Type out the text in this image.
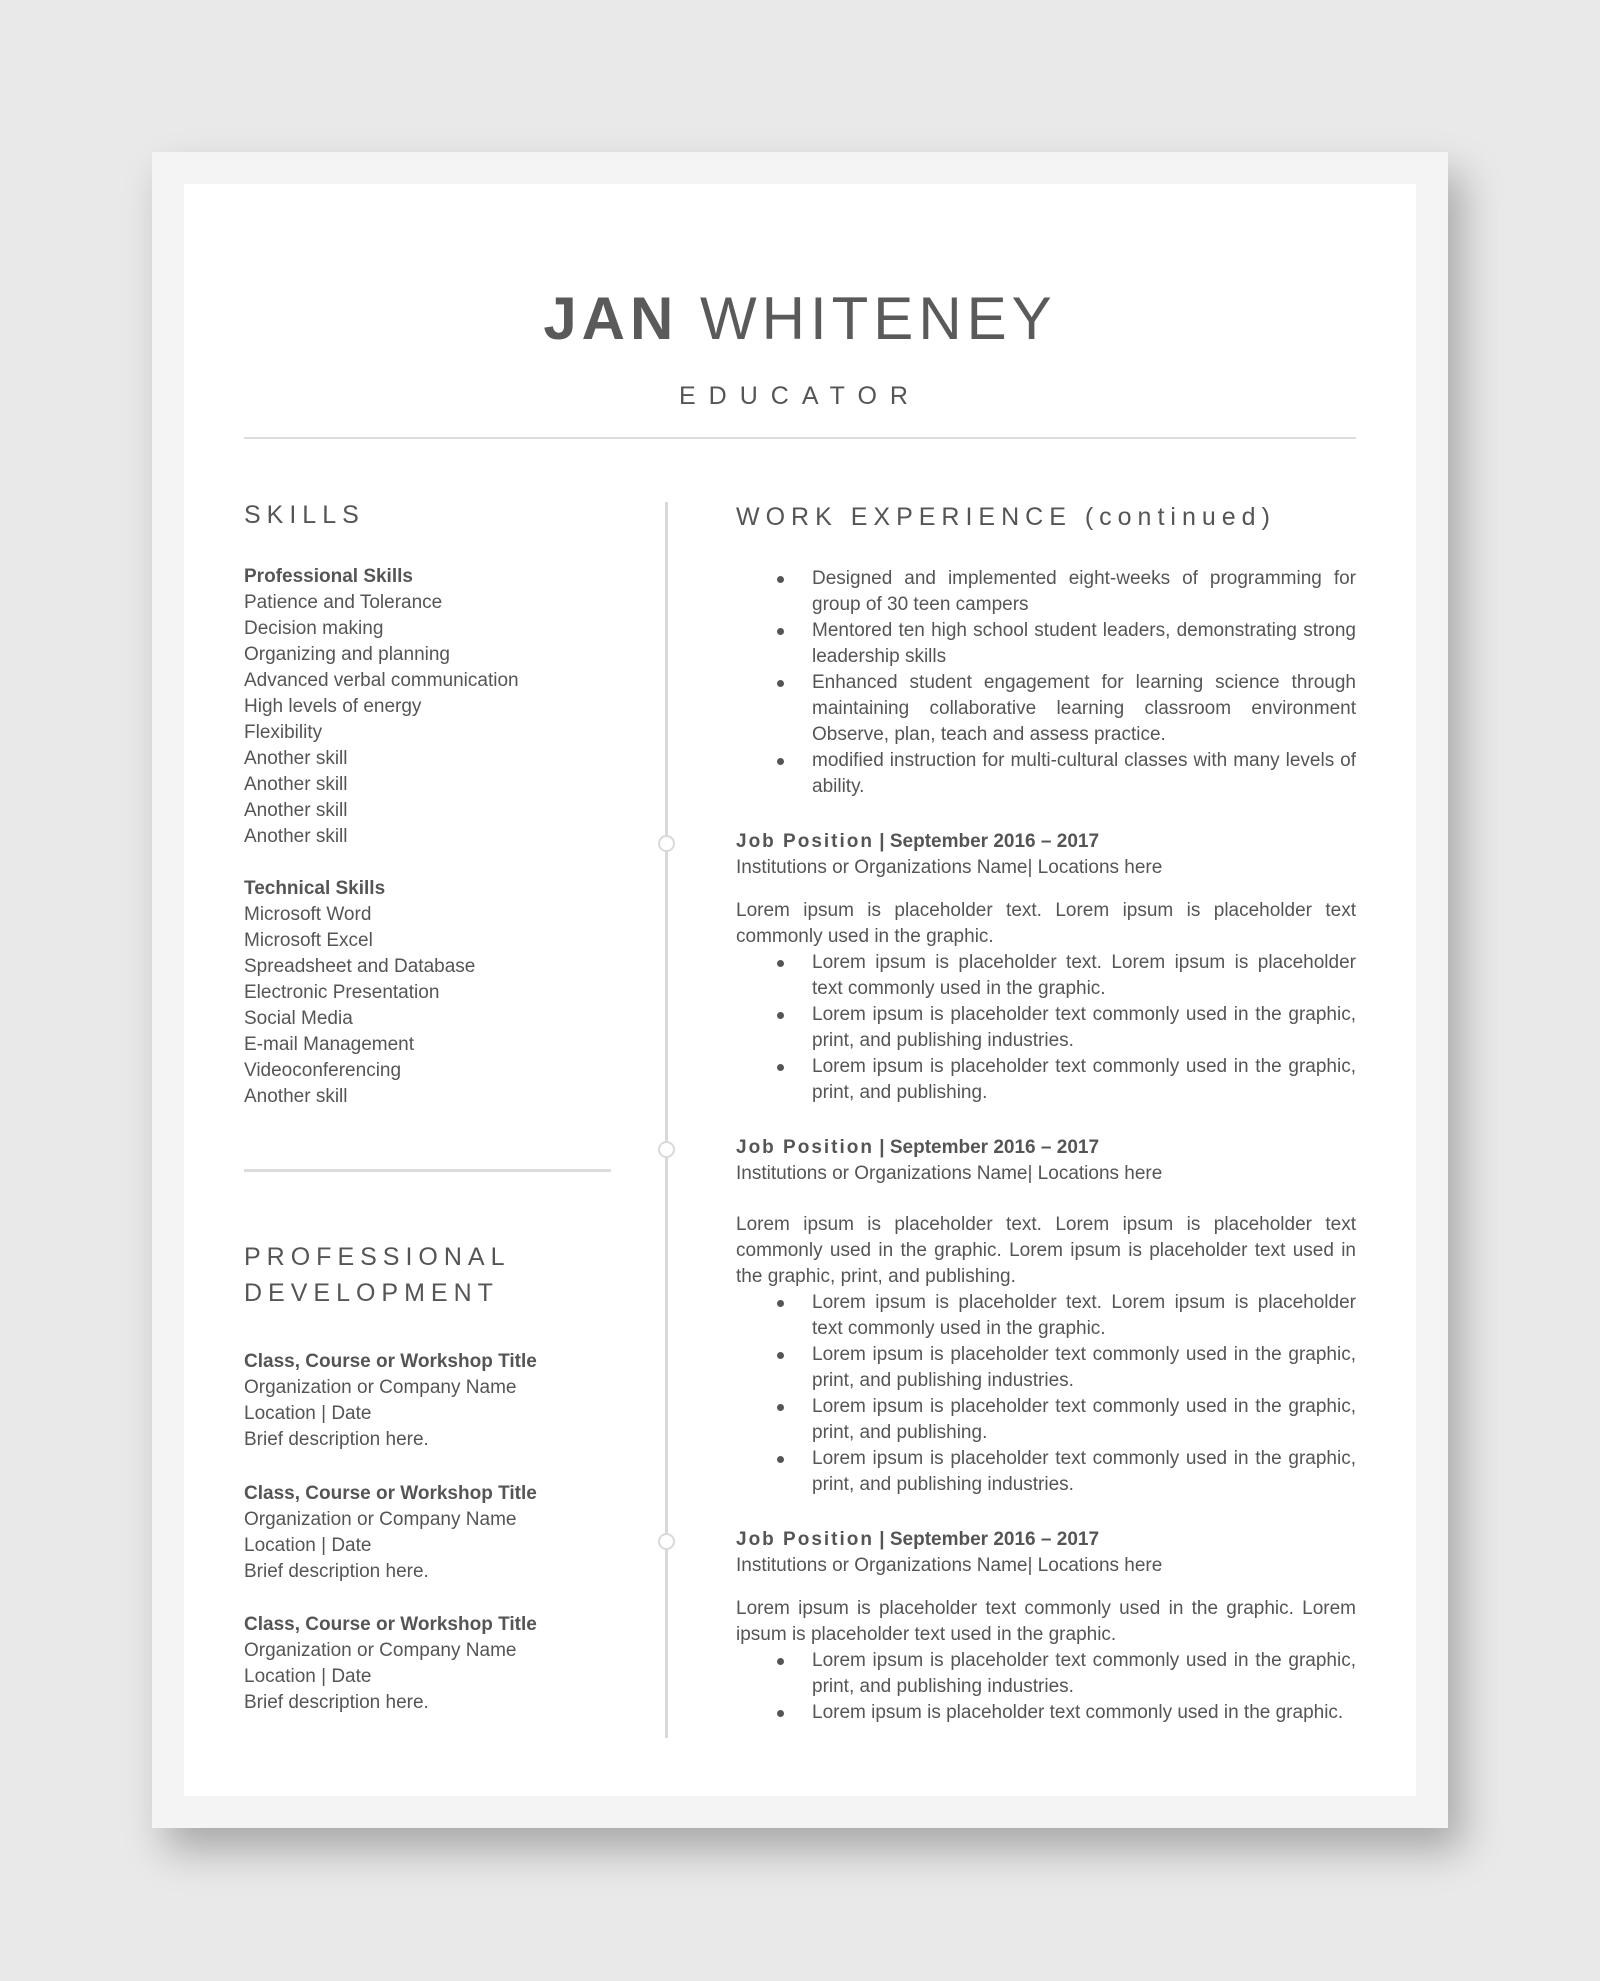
JAN WHITENEY
EDUCATOR
SKILLS
Professional Skills
Patience and Tolerance
Decision making
Organizing and planning
Advanced verbal communication
High levels of energy
Flexibility
Another skill
Another skill
Another skill
Another skill
Technical Skills
Microsoft Word
Microsoft Excel
Spreadsheet and Database
Electronic Presentation
Social Media
E-mail Management
Videoconferencing
Another skill
PROFESSIONAL
DEVELOPMENT
Class, Course or Workshop Title
Organization or Company Name
Location | Date
Brief description here.
Class, Course or Workshop Title
Organization or Company Name
Location | Date
Brief description here.
Class, Course or Workshop Title
Organization or Company Name
Location | Date
Brief description here.
WORK EXPERIENCE (continued)
Designed and implemented eight-weeks of programming for group of 30 teen campers
Mentored ten high school student leaders, demonstrating strong leadership skills
Enhanced student engagement for learning science through maintaining collaborative learning classroom environment Observe, plan, teach and assess practice.
modified instruction for multi-cultural classes with many levels of ability.
Job Position | September 2016 – 2017
Institutions or Organizations Name| Locations here
Lorem ipsum is placeholder text. Lorem ipsum is placeholder text commonly used in the graphic.
Lorem ipsum is placeholder text. Lorem ipsum is placeholder text commonly used in the graphic.
Lorem ipsum is placeholder text commonly used in the graphic, print, and publishing industries.
Lorem ipsum is placeholder text commonly used in the graphic, print, and publishing.
Job Position | September 2016 – 2017
Institutions or Organizations Name| Locations here
Lorem ipsum is placeholder text. Lorem ipsum is placeholder text commonly used in the graphic. Lorem ipsum is placeholder text used in the graphic, print, and publishing.
Lorem ipsum is placeholder text. Lorem ipsum is placeholder text commonly used in the graphic.
Lorem ipsum is placeholder text commonly used in the graphic, print, and publishing industries.
Lorem ipsum is placeholder text commonly used in the graphic, print, and publishing.
Lorem ipsum is placeholder text commonly used in the graphic, print, and publishing industries.
Job Position | September 2016 – 2017
Institutions or Organizations Name| Locations here
Lorem ipsum is placeholder text commonly used in the graphic. Lorem ipsum is placeholder text used in the graphic.
Lorem ipsum is placeholder text commonly used in the graphic, print, and publishing industries.
Lorem ipsum is placeholder text commonly used in the graphic.
